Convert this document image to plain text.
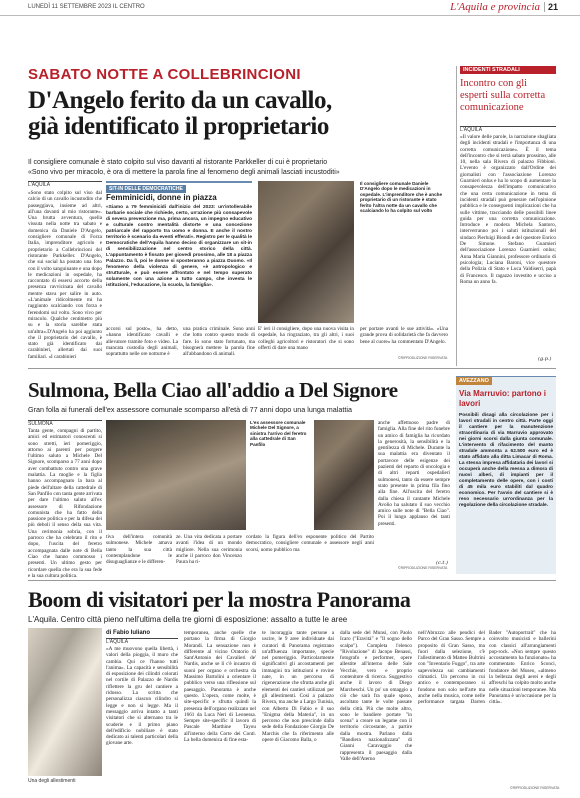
LUNEDÌ 11 SETTEMBRE 2023 IL CENTRO	L'Aquila e provincia 21
SABATO NOTTE A COLLEBRINCIONI
D'Angelo ferito da un cavallo,
già identificato il proprietario
Il consigliere comunale è stato colpito sul viso davanti al ristorante Parkkeller di cui è proprietario
«Sono vivo per miracolo, è ora di mettere la parola fine al fenomeno degli animali lasciati incustoditi»
L'AQUILA

«Sono stato colpito sul viso dal calcio di un cavallo incustodito che passeggiava, insieme ad altri, all'una davanti al mio ristorante». Una brutta avventura, quella vissuta nella notte tra sabato e domenica da Daniele D'Angelo, consigliere comunale di Forza Italia, imprenditore agricolo e proprietario a Collebrincioni del ristorante Parkkeller. D'Angelo, che sui social ha postato una foto con il volto sanguinante e una dopo le medicazioni in ospedale, ha raccontato di essersi accorto della presenza ravvicinata del cavallo mentre stava per salire in auto. «L'animale ridicolmente mi ha raggiunto scalciando con forza e ferendomi sul volto. Sono vivo per miracolo. Qualche centimetro più su e la storia sarebbe stata un'altra».D'Angelo ha poi aggiunto che il proprietario del cavallo, è stato già identificato dai carabinieri, allertati dai suoi familiari. «I carabinieri

SIT-IN DELLE DEMOCRATICHE
Femminicidi, donne in piazza
«Siamo a 79 femminicidi dall'inizio del 2023: un'intollerabile barbarie sociale che richiede, certo, un'azione più consapevole di severa prevenzione ma, prima ancora, un impegno educativo e culturale contro mentalità distorte e una concezione patriarcale del rapporto tra uomo e donna. E anche il nostro territorio è scenario da eventi efferati». Registro per le qualità le Democratiche dell'Aquila hanno deciso di organizzare un sit-in di sensibilizzazione nel centro storico della città. L'appuntamento è fissato per giovedì prossimo, alle 18 a piazza Palazzo. Da lì, poi le donne si sposteranno a piazza Duomo. «Il fenomeno della violenza di genere, «è antropologico e strutturale, e può essere affrontato e nel tempo superato solamente con una azione a tutto campo, che investa le istituzioni, l'educazione, la scuola, la famiglia».

Il consigliere comunale Daniele D'Angelo dopo le medicazioni in ospedale. L'imprenditore che è anche proprietario di un ristorante è stato ferito l'altra notte da un cavallo che scalciando lo ha colpito sul volto

accorsi sul posto», ha detto, «hanno identificato cavalli e allevatore tramite foto e video. La mancata custodia degli animali, soprattutto nelle ore notturne è

una pratica criminale. Sono anni che lotto contro questo modo di fare. Io sono stato fortunato, ma bisognerà mettere la parola fine all'abbandono di animali.

E' ieri il consigliere, dopo una nuova visita in ospedale, ha ringraziato, tra gli altri, i suoi colleghi agricoltori e ristoratori che si sono offerti di dare una mano

per portare avanti le sue attività». «Una grande prova di solidarietà che fa davvero bene al cuore» ha commentato D'Angelo.

©RIPRODUZIONE RISERVATA
INCIDENTI STRADALI
Incontro con gli esperti sulla corretta comunicazione
L'AQUILA

«Il valore delle parole, la narrazione sbagliata degli incidenti stradali e l'importanza di una corretta comunicazione». È il tema dell'incontro che si terrà sabato prossimo, alle 10, nella sala Rivera di palazzo Fibbioni. L'evento è organizzato dall'Ordine dei giornalisti con l'associazione Lorenzo Guarnieri onlus e ha lo scopo di aumentare la consapevolezza dell'impatto comunicativo che una certa comunicazione in tema di incidenti stradali può generare nell'opinione pubblica e le conseguenti implicazioni che ha sulle vittime, tracciando delle possibili linee guida per una corretta comunicazione. Introduce e modera Michela Santoro, interverranno poi i saluti istituzionali del sindaco Pierluigi Biondi e del questore Enrico De Simone. Stefano Guarnieri dell'associazione Lorenzo Guarnieri onlus; Anna Maria Giannini, professore ordinario di psicologia; Luciana Baroni, vice questore della Polizia di Stato e Luca Valdiserri, papà di Francesco. Il ragazzo investito e ucciso a Roma un anno fa.

(g.p.)
Sulmona, Bella Ciao all'addio a Del Signore
Gran folla ai funerali dell'ex assessore comunale scomparso all'età di 77 anni dopo una lunga malattia
SULMONA

Tanta gente, compagni di partito, amici ed estimatori conoscenti si sono stretti, ieri pomeriggio, attorno ai parenti per porgere l'ultimo saluto a Michele Del Signore, scomparso a 77 anni dopo aver combattuto contro una grave malattia. La moglie e la figlia hanno accompagnato la bara al piede dell'altare della cattedrale di San Panfilo con tanta gente arrivata per dare l'ultimo saluto all'ex assessore di Rifondazione comunista che ha fatto della passione politica e per la difesa dei più deboli il senso della sua vita. Una cerimonia sobria, con il parroco che ha celebrato il rito e dopo, l'uscita del feretro accompagnata dalle note di Bella Ciao che hanno commosso i presenti. Un ultimo gesto per ricordare quella che era la sua fede e la sua cultura politica.

L'ex assessore comunale Michele Del Signore, a sinistra l'arrivo del feretro alla cattedrale di San Panfilo

tiva dell'intera comunità sulmonese. Michele amava tanto la sua città contemplandone le disuguaglianze e le differen-

ze. Una vita dedicata a portare avanti l'idea di un mondo migliore. Nella sua cerimonia anche il parroco don Vincenzo Paura ha ri-

cordato la figura dell'ex esponente politico del Partito democratico, consigliere comunale e assessore negli anni scorsi, uomo pubblico ma

anche affettuoso padre di famiglia. Alla fine del rito funebre un amico di famiglia ha ricordato la generosità, la sensibilità e la gentilezza di Michele. Durante la sua malattia era diventato il portavoce delle esigenze dei pazienti del reparto di oncologia e di altri reparti ospedalieri sulmonesi, tanto da essere sempre stato presente in prima fila fino alla fine. All'uscita del feretro dalla chiesa il cantante Michele Avolio ha salutato il suo vecchio amico sulle note di "Bella Ciao". Poi il lungo applauso dei tanti presenti.

(c.t.)
©RIPRODUZIONE RISERVATA
AVEZZANO
Via Marruvio: partono i lavori
Possibili disagi alla circolazione per i lavori stradali in centro città. Parte oggi il cantiere per la manutenzione straordinaria di via Marruvio approvato nei giorni scorsi dalla giunta comunale. L'intervento di rifacimento del manto stradale ammonta a 62.500 euro ed è stato affidato alla ditta Limacar di Roma. La stessa impresa affidataria dei lavori si occuperà anche della messa a dimora di nuovi alberi, di impianti per il completamento delle opere, con i costi di 45 mila euro stabiliti dal quadro economico. Per l'avvio del cantiere si è reso necessario un'ordinanza per la regolazione della circolazione stradale.
Boom di visitatori per la mostra Panorama
L'Aquila. Centro città pieno nell'ultima della tre giorni di esposizione: assalto a tutte le aree
Una degli allestimenti
di Fabio Iuliano
L'AQUILA

«A me muovono quella libertà, i valori della pioggia, il muro che cambia. Qui ce l'hanno tutti l'anima». La capacità e sensibilità di esposizione dei cilindri colorati nel cortile di Palazzo de Nardis riflettere la gru del cantiere a ridosso. La scritta che personalizza ciascun cilindro si legge e non si legge. Ma il messaggio arriva intatto a tanti visitatori che si alternano tra le scuderie e il primo piano dell'edificio nobiliare è stato dedicato ai talenti particolari della giovane arte.

temporanea, anche quelle che portano la firma di Giorgio Morandi. La sensazione non è differente al vicino Oratorio di Sant'Antonio dei Cavalieri de' Nardis, anche se lì c'è incastro di suoni per organo e orchestra da Massimo Bartolini a orientare il pubblico verso una riflessione sul paesaggio. Panorama è anche questo. L'opera, come molte, è site-specific e sfrutta quindi la presenza dell'organo realizzato nel 1661 da Luca Neri di Leonessa. Sempre site-specific il lavoro di Pascale Marthine Tayou all'interno della Corte dei Conti. La bella domenica di fine esta-

te incoraggia tante persone a uscire, le 9 aree individuate dai curatori di Panorama registrano un'affluenza importante, specie nel pomeriggio. Particolarmente significativi gli accostamenti per immagini tra istituzioni e rovine nate, in un percorso di rigenerazione che sfrutta anche gli elementi dei cantieri utilizzati per gli allestimenti. Così a palazzo Rivera, ma anche a Largo Tunisia, con Alberto Di Fabio e il suo "Enigma della Materia", in un percorso che non prescinde dalla sede della Fondazione Giorgio De Marchis che fa riferimento alle opere di Giacomo Balla, o

dalla sede del Munsi, con Paolo Icaro ("Eravità" e "Il sogno dello scalpo"). Completa l'elenco "Rivoluzione" di Jacopo Benassi, fotografo e performer, opere allestite all'interno delle Sale Vecchie, vero e proprio contenitore di ricerca. Suggestivo anche il lavoro di Diego Marcheschi. Un po' un omaggio a ciò che sarà fra quale sposo, ascoltato tante le volte passate della città. Più che molte altro, sono le bandiere portate "in scena" a creare un legame con il territorio circostante, a partire dalla mostra. Parlano dalla "Bandiera nazionalizzata" di Gianni Caravaggio che rappresenta il paesaggio dalla Valle dell'Aterno

nell'Abruzzo alle pendici del Parco del Gran Sasso. Sempre a proposito di Gran Sasso, ma fuori dalla selezione, c'è l'allestimento di Matteo Bultrini con "Inventario Fuggo", tra arte sapevolezza sui cambiamenti climatici. Un percorso in cui antico e contemporaneo si fondono non solo nell'arte ma anche nella musica, come nelle performance targata Darren Bader "Autoportrait" che ha coinvolto musicisti e ballerini con classici all'arrangiamenti pop-rock. «Non sempre questo accostamento ha funzionato» ha commentato Enrico Sconci, fondatore del Museo, «almeno la bellezza degli aerei e degli affreschi ha colpito molto anche nelle situazioni temporanee. Ma Panorama è un'occasione per la città».

©RIPRODUZIONE RISERVATA
